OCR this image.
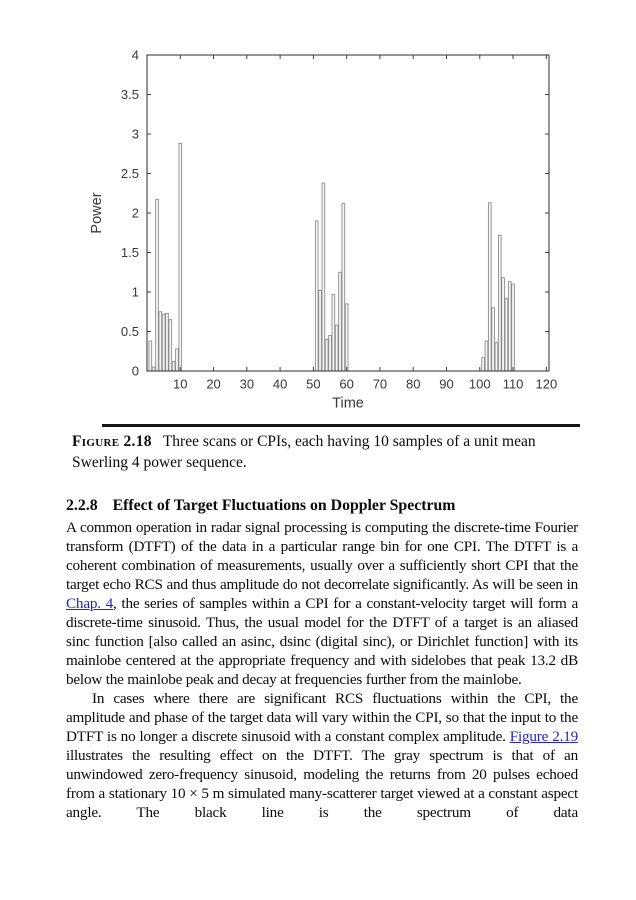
10 20 30 40 50 60 70 80 90 100 110 120
0
0.5
1
1.5
2
2.5
3
3.5
4
Power
Time
Figure 2.18 Three scans or CPIs, each having 10 samples of a unit mean Swerling 4 power sequence.
2.2.8 Effect of Target Fluctuations on Doppler Spectrum

A common operation in radar signal processing is computing the discrete-time Fourier transform (DTFT) of the data in a particular range bin for one CPI. The DTFT is a coherent combination of measurements, usually over a sufficiently short CPI that the target echo RCS and thus amplitude do not decorrelate significantly. As will be seen in Chap. 4, the series of samples within a CPI for a constant-velocity target will form a discrete-time sinusoid. Thus, the usual model for the DTFT of a target is an aliased sinc function [also called an asinc, dsinc (digital sinc), or Dirichlet function] with its mainlobe centered at the appropriate frequency and with sidelobes that peak 13.2 dB below the mainlobe peak and decay at frequencies further from the mainlobe.

In cases where there are significant RCS fluctuations within the CPI, the amplitude and phase of the target data will vary within the CPI, so that the input to the DTFT is no longer a discrete sinusoid with a constant complex amplitude. Figure 2.19 illustrates the resulting effect on the DTFT. The gray spectrum is that of an unwindowed zero-frequency sinusoid, modeling the returns from 20 pulses echoed from a stationary 10 × 5 m simulated many-scatterer target viewed at a constant aspect angle. The black line is the spectrum of data
